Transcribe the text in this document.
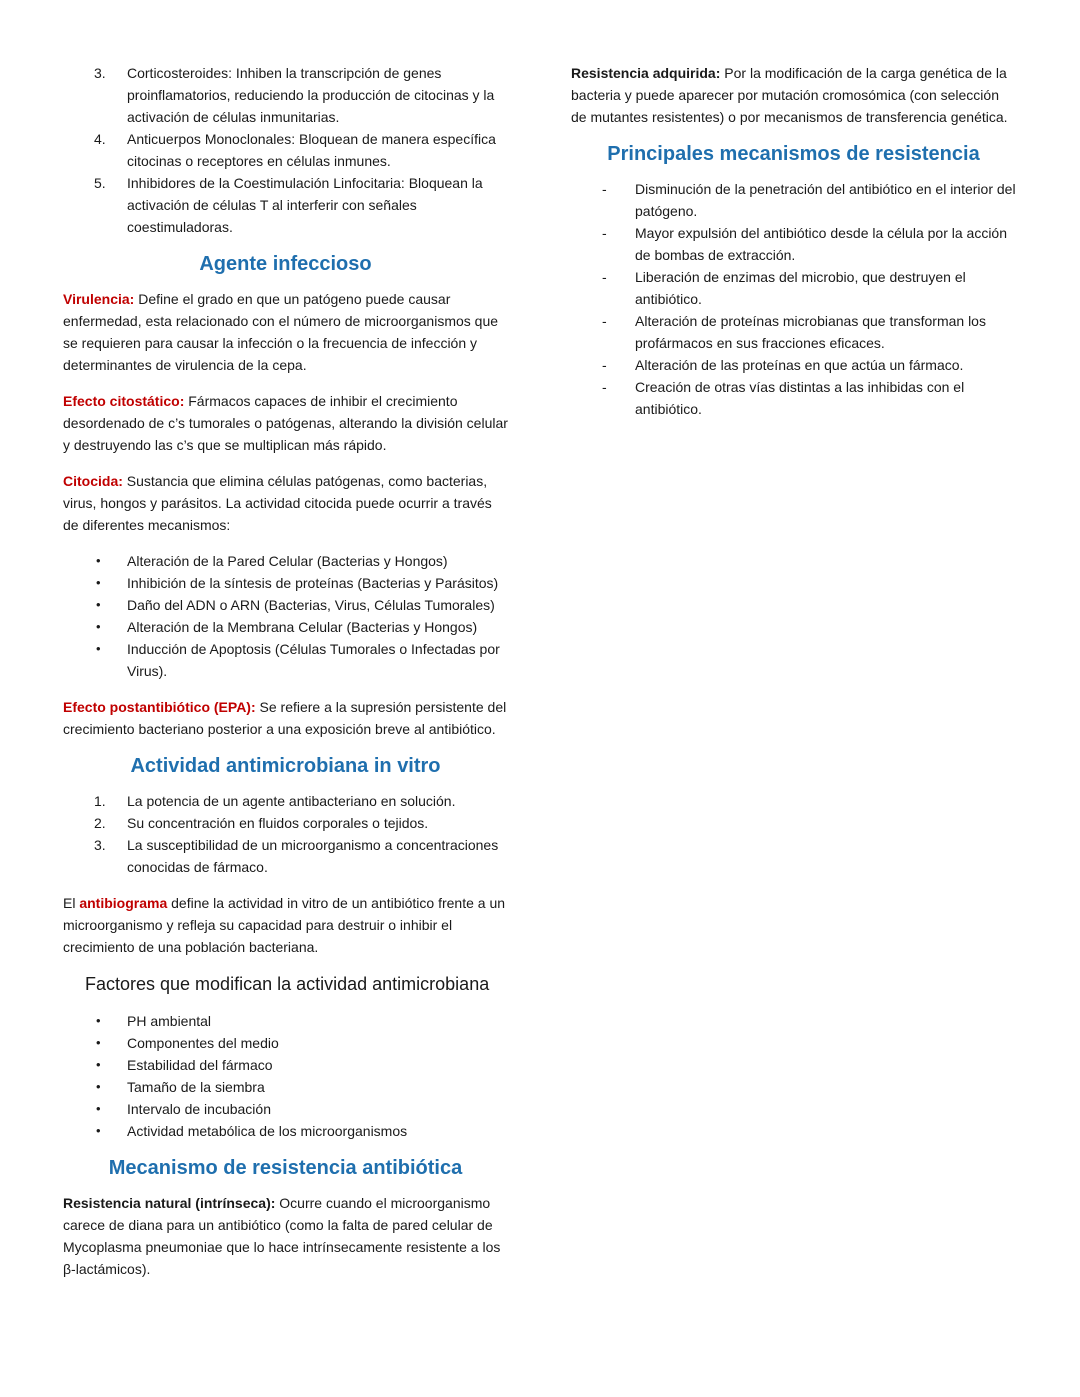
3.	Corticosteroides: Inhiben la transcripción de genes proinflamatorios, reduciendo la producción de citocinas y la activación de células inmunitarias.
4.	Anticuerpos Monoclonales: Bloquean de manera específica citocinas o receptores en células inmunes.
5.	Inhibidores de la Coestimulación Linfocitaria: Bloquean la activación de células T al interferir con señales coestimuladoras.
Agente infeccioso

Virulencia: Define el grado en que un patógeno puede causar enfermedad, esta relacionado con el número de microorganismos que se requieren para causar la infección o la frecuencia de infección y determinantes de virulencia de la cepa.

Efecto citostático: Fármacos capaces de inhibir el crecimiento desordenado de c’s tumorales o patógenas, alterando la división celular y destruyendo las c’s que se multiplican más rápido.

Citocida: Sustancia que elimina células patógenas, como bacterias, virus, hongos y parásitos. La actividad citocida puede ocurrir a través de diferentes mecanismos:

• Alteración de la Pared Celular (Bacterias y Hongos)
• Inhibición de la síntesis de proteínas (Bacterias y Parásitos)
• Daño del ADN o ARN (Bacterias, Virus, Células Tumorales)
• Alteración de la Membrana Celular (Bacterias y Hongos)
• Inducción de Apoptosis (Células Tumorales o Infectadas por Virus).

Efecto postantibiótico (EPA): Se refiere a la supresión persistente del crecimiento bacteriano posterior a una exposición breve al antibiótico.

Actividad antimicrobiana in vitro
1.	La potencia de un agente antibacteriano en solución.
2.	Su concentración en fluidos corporales o tejidos.
3.	La susceptibilidad de un microorganismo a concentraciones conocidas de fármaco.

El antibiograma define la actividad in vitro de un antibiótico frente a un microorganismo y refleja su capacidad para destruir o inhibir el crecimiento de una población bacteriana.

Factores que modifican la actividad antimicrobiana
• PH ambiental
• Componentes del medio
• Estabilidad del fármaco
• Tamaño de la siembra
• Intervalo de incubación
• Actividad metabólica de los microorganismos
Mecanismo de resistencia antibiótica

Resistencia natural (intrínseca): Ocurre cuando el microorganismo carece de diana para un antibiótico (como la falta de pared celular de Mycoplasma pneumoniae que lo hace intrínsecamente resistente a los β-lactámicos).

Resistencia adquirida: Por la modificación de la carga genética de la bacteria y puede aparecer por mutación cromosómica (con selección de mutantes resistentes) o por mecanismos de transferencia genética.

Principales mecanismos de resistencia
- Disminución de la penetración del antibiótico en el interior del patógeno.
- Mayor expulsión del antibiótico desde la célula por la acción de bombas de extracción.
- Liberación de enzimas del microbio, que destruyen el antibiótico.
- Alteración de proteínas microbianas que transforman los profármacos en sus fracciones eficaces.
- Alteración de las proteínas en que actúa un fármaco.
- Creación de otras vías distintas a las inhibidas con el antibiótico.
